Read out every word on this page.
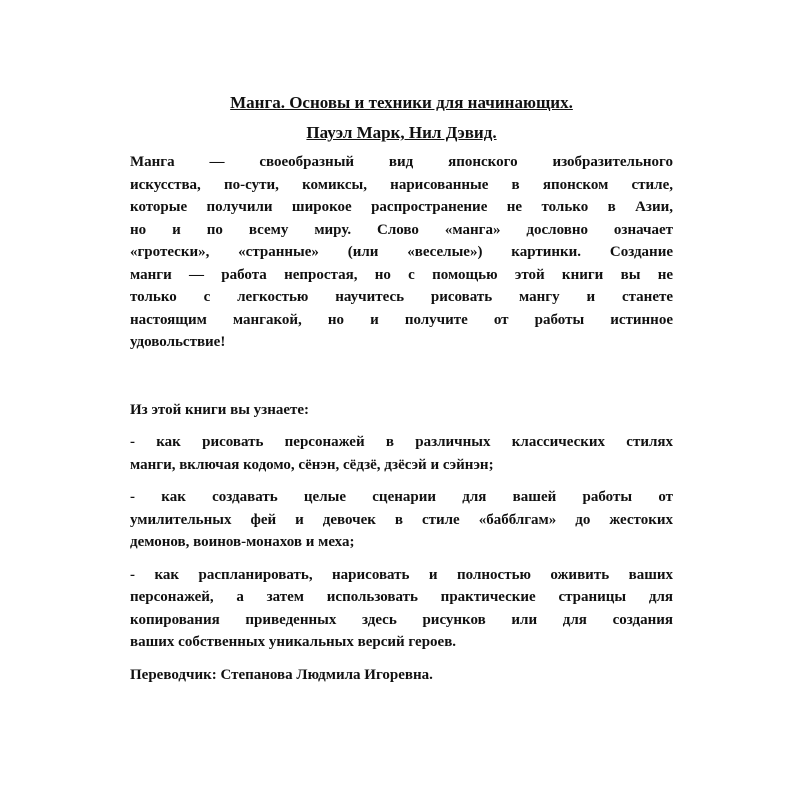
Манга. Основы и техники для начинающих.

Пауэл Марк, Нил Дэвид.

Манга — своеобразный вид японского изобразительного
искусства, по-сути, комиксы, нарисованные в японском стиле,
которые получили широкое распространение не только в Азии,
но и по всему миру. Слово «манга» дословно означает
«гротески», «странные» (или «веселые») картинки. Создание
манги — работа непростая, но с помощью этой книги вы не
только с легкостью научитесь рисовать мангу и станете
настоящим мангакой, но и получите от работы истинное
удовольствие!

Из этой книги вы узнаете:

- как рисовать персонажей в различных классических стилях
манги, включая кодомо, сёнэн, сёдзё, дзёсэй и сэйнэн;

- как создавать целые сценарии для вашей работы от
умилительных фей и девочек в стиле «бабблгам» до жестоких
демонов, воинов-монахов и меха;

- как распланировать, нарисовать и полностью оживить ваших
персонажей, а затем использовать практические страницы для
копирования приведенных здесь рисунков или для создания
ваших собственных уникальных версий героев.

Переводчик: Степанова Людмила Игоревна.
